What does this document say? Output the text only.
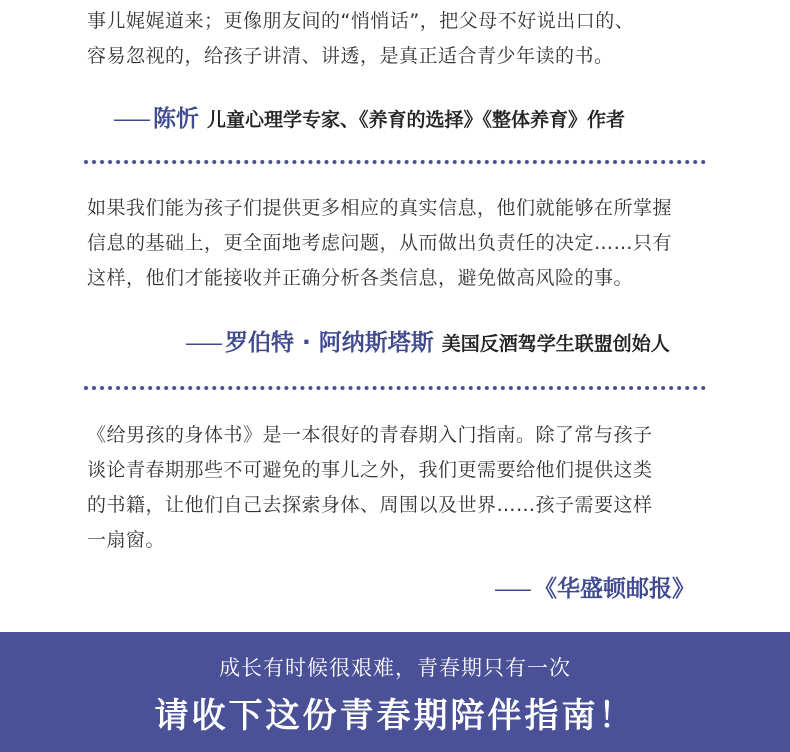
事儿娓娓道来；更像朋友间的“悄悄话”，把父母不好说出口的、
容易忽视的，给孩子讲清、讲透，是真正适合青少年读的书。
—— 陈忻 儿童心理学专家、《养育的选择》《整体养育》作者
如果我们能为孩子们提供更多相应的真实信息，他们就能够在所掌握
信息的基础上，更全面地考虑问题，从而做出负责任的决定……只有
这样，他们才能接收并正确分析各类信息，避免做高风险的事。
—— 罗伯特 · 阿纳斯塔斯 美国反酒驾学生联盟创始人
《给男孩的身体书》是一本很好的青春期入门指南。除了常与孩子
谈论青春期那些不可避免的事儿之外，我们更需要给他们提供这类
的书籍，让他们自己去探索身体、周围以及世界……孩子需要这样
一扇窗。
—— 《华盛顿邮报》
成长有时候很艰难，青春期只有一次
请收下这份青春期陪伴指南！
